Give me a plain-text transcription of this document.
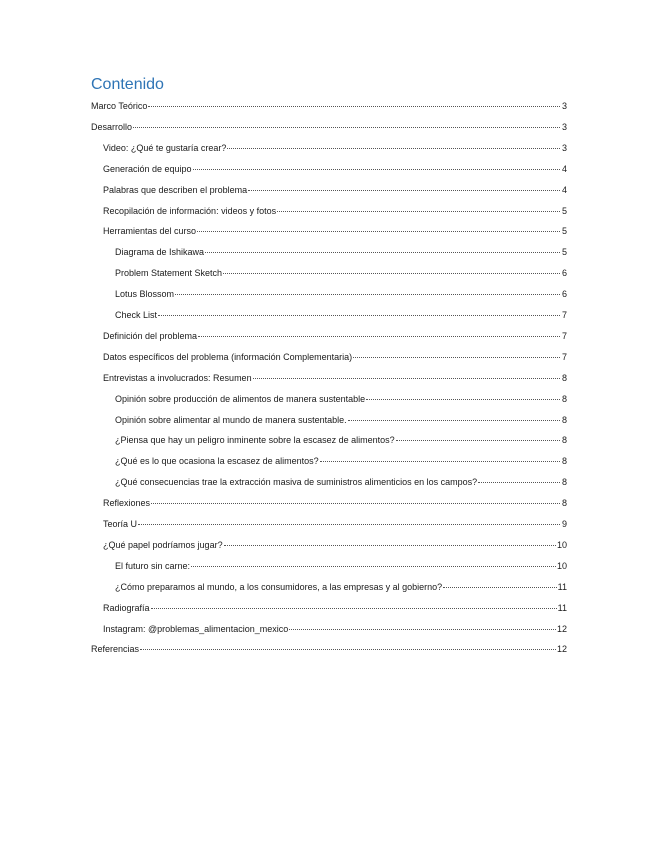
Contenido
Marco Teórico	3
Desarrollo	3
Video: ¿Qué te gustaría crear?	3
Generación de equipo	4
Palabras que describen el problema	4
Recopilación de información: videos y fotos	5
Herramientas del curso	5
Diagrama de Ishikawa	5
Problem Statement Sketch	6
Lotus Blossom	6
Check List	7
Definición del problema	7
Datos específicos del problema (información Complementaria)	7
Entrevistas a involucrados: Resumen	8
Opinión sobre producción de alimentos de manera sustentable	8
Opinión sobre alimentar al mundo de manera sustentable.	8
¿Piensa que hay un peligro inminente sobre la escasez de alimentos?	8
¿Qué es lo que ocasiona la escasez de alimentos?	8
¿Qué consecuencias trae la extracción masiva de suministros alimenticios en los campos?	8
Reflexiones	8
Teoría U	9
¿Qué papel podríamos jugar?	10
El futuro sin carne:	10
¿Cómo preparamos al mundo, a los consumidores, a las empresas y al gobierno?	11
Radiografía	11
Instagram: @problemas_alimentacion_mexico	12
Referencias	12
